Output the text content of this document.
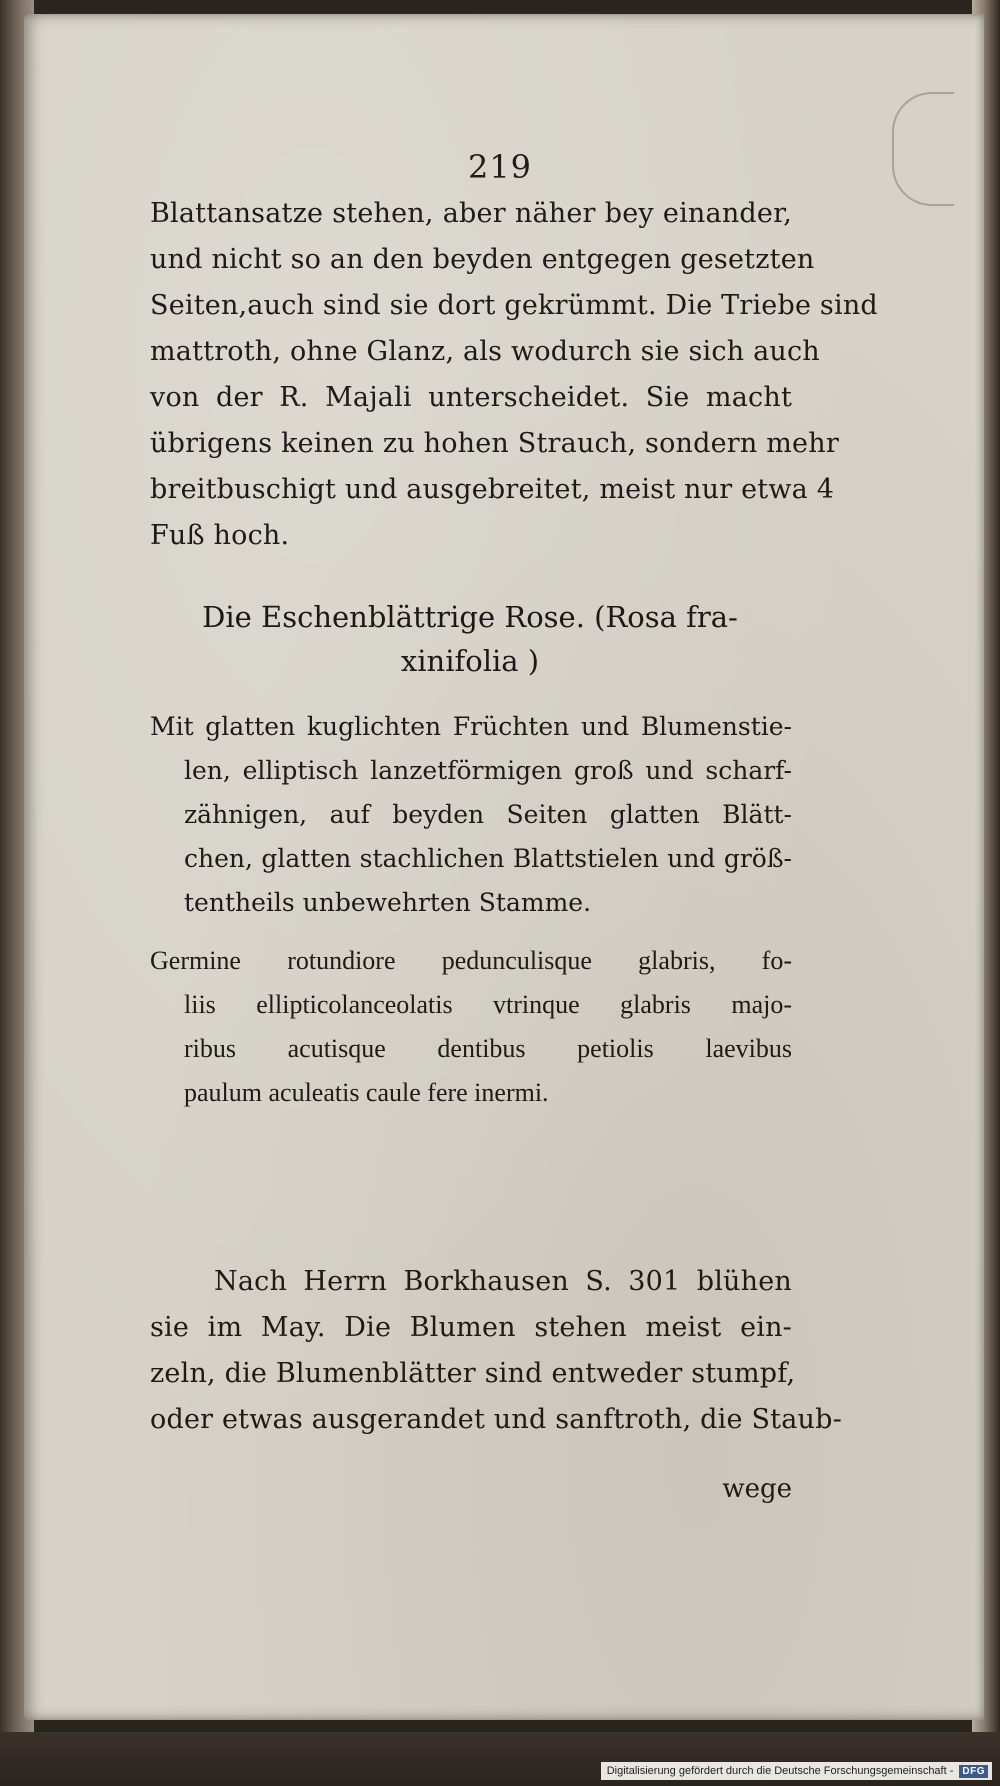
219
Blattansatze stehen, aber näher bey einander,
und nicht so an den beyden entgegen gesetzten
Seiten,auch sind sie dort gekrümmt. Die Triebe sind
mattroth, ohne Glanz, als wodurch sie sich auch
von der R. Majali unterscheidet. Sie macht
übrigens keinen zu hohen Strauch, sondern mehr
breitbuschigt und ausgebreitet, meist nur etwa 4
Fuß hoch.
Die Eschenblättrige Rose. (Rosa fra-
xinifolia )
Mit glatten kuglichten Früchten und Blumenstie-
len, elliptisch lanzetförmigen groß und scharf-
zähnigen, auf beyden Seiten glatten Blätt-
chen, glatten stachlichen Blattstielen und größ-
tentheils unbewehrten Stamme.
Germine rotundiore pedunculisque glabris, fo-
liis ellipticolanceolatis vtrinque glabris majo-
ribus acutisque dentibus petiolis laevibus
paulum aculeatis caule fere inermi.
Nach Herrn Borkhausen S. 301 blühen
sie im May. Die Blumen stehen meist ein-
zeln, die Blumenblätter sind entweder stumpf,
oder etwas ausgerandet und sanftroth, die Staub-
wege
Digitalisierung gefördert durch die Deutsche Forschungsgemeinschaft - DFG
